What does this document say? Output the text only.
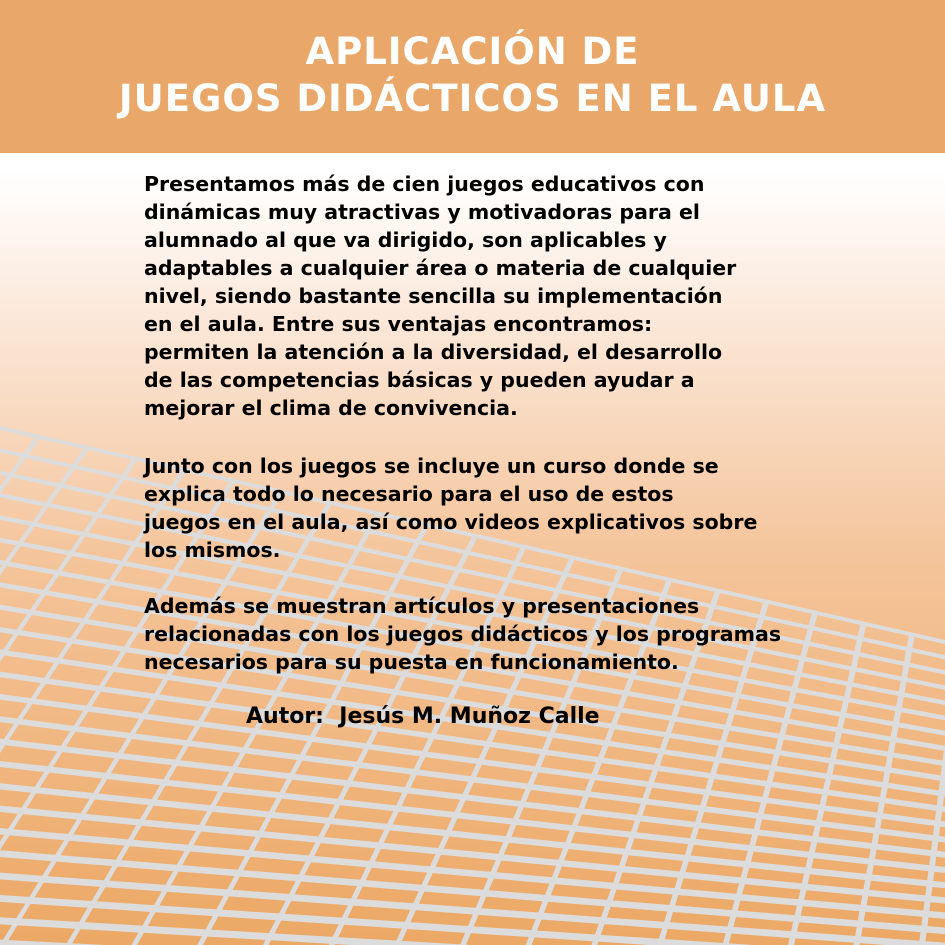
APLICACIÓN DE
JUEGOS DIDÁCTICOS EN EL AULA

Presentamos más de cien juegos educativos con
dinámicas muy atractivas y motivadoras para el
alumnado al que va dirigido, son aplicables y
adaptables a cualquier área o materia de cualquier
nivel, siendo bastante sencilla su implementación
en el aula. Entre sus ventajas encontramos:
permiten la atención a la diversidad, el desarrollo
de las competencias básicas y pueden ayudar a
mejorar el clima de convivencia.

Junto con los juegos se incluye un curso donde se
explica todo lo necesario para el uso de estos
juegos en el aula, así como videos explicativos sobre
los mismos.

Además se muestran artículos y presentaciones
relacionadas con los juegos didácticos y los programas
necesarios para su puesta en funcionamiento.

Autor:  Jesús M. Muñoz Calle
